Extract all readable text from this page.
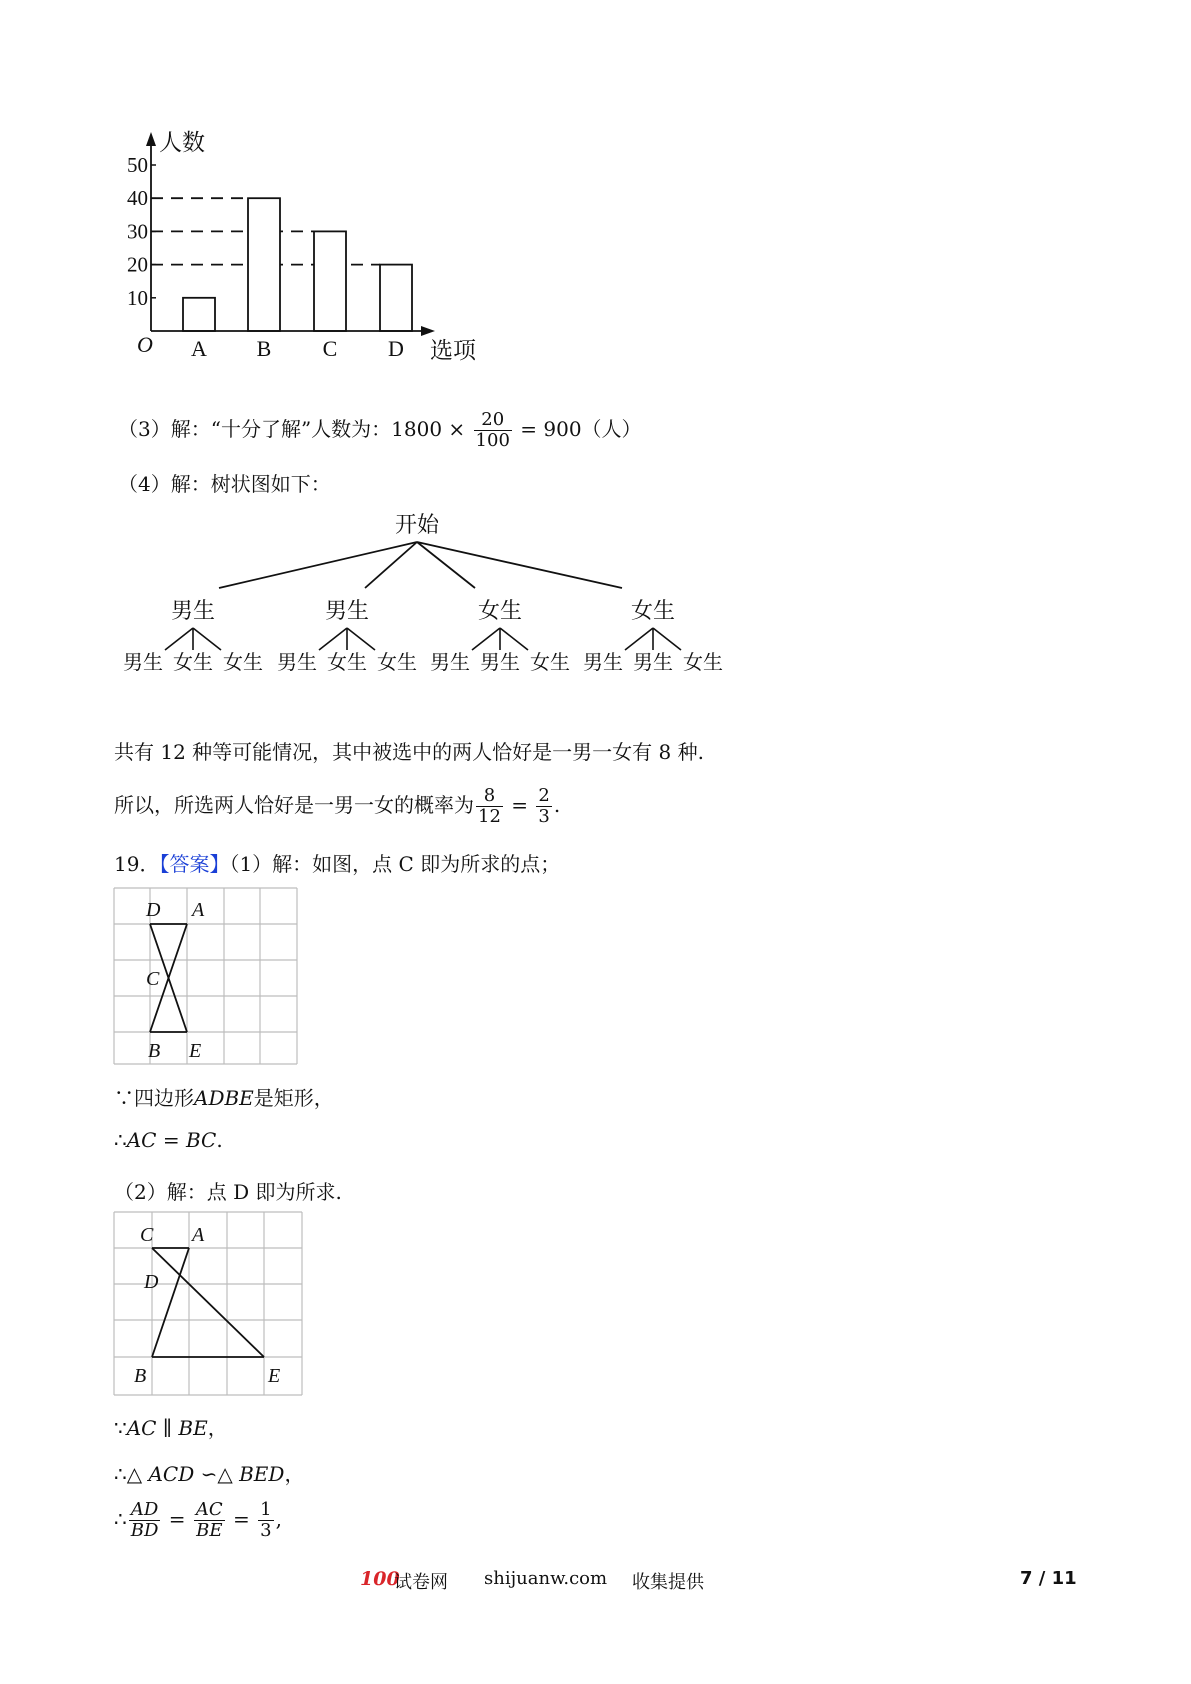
A B C D
10
20
30
40
50
人数
选项
O
（3）解：“十分了解”人数为：$1800 \times \frac{20}{100} = 900$（人）
（4）解：树状图如下：
开始
男生
男生 女生 女生
男生
男生 女生 女生
女生
男生 男生 女生
女生
男生 男生 女生
共有 12 种等可能情况，其中被选中的两人恰好是一男一女有 8 种.
所以，所选两人恰好是一男一女的概率为 $\frac{8}{12} = \frac{2}{3}$ .
19．【答案】（1）解：如图，点 C 即为所求的点；
D A
C
B E
∵四边形ADBE是矩形，
∴AC = BC.
（2）解：点 D 即为所求.
C A
D
B	E
∵AC ∥ BE，
∴△ ACD ∽△ BED，
∴ $\frac{AD}{BD} = \frac{AC}{BE} = \frac{1}{3}$ ,
100
试卷网 shijuanw.com 收集提供	7 / 11
